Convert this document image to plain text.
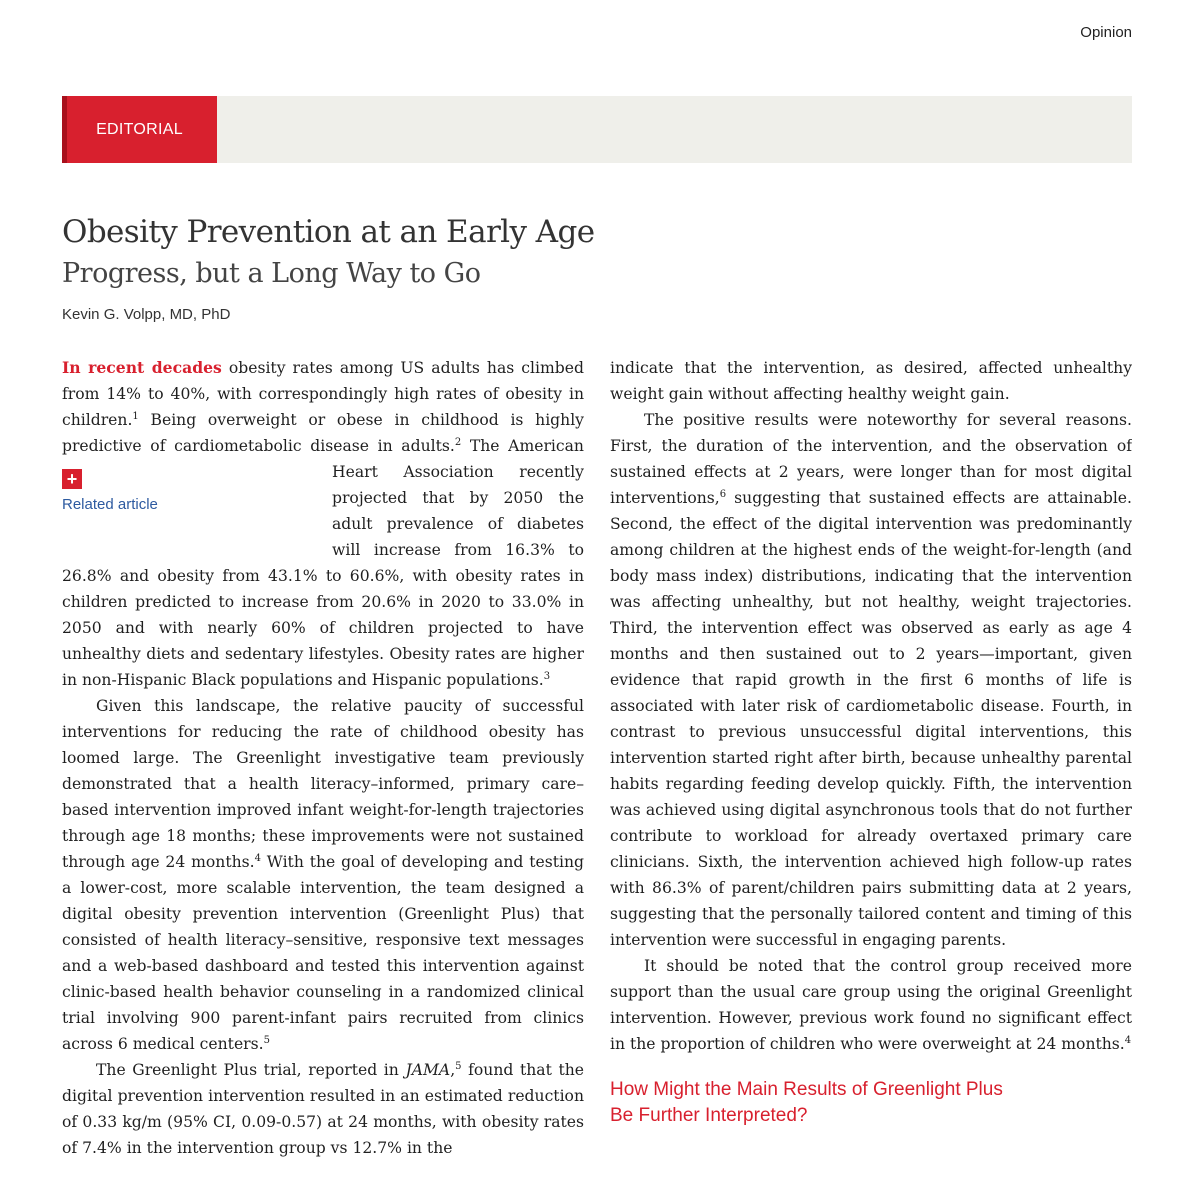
Opinion
EDITORIAL
Obesity Prevention at an Early Age
Progress, but a Long Way to Go
Kevin G. Volpp, MD, PhD

In recent decades obesity rates among US adults has climbed from 14% to 40%, with correspondingly high rates of obesity in children.$^1$ Being overweight or obese in childhood is highly predictive of cardiometabolic disease in adults.$^2$
+
Related article
The American Heart Association recently projected that by 2050 the adult prevalence of diabetes will increase from 16.3% to 26.8% and obesity from 43.1% to 60.6%, with obesity rates in children predicted to increase from 20.6% in 2020 to 33.0% in 2050 and with nearly 60% of children projected to have unhealthy diets and sedentary lifestyles. Obesity rates are higher in non-Hispanic Black populations and Hispanic populations.$^3$

Given this landscape, the relative paucity of successful interventions for reducing the rate of childhood obesity has loomed large. The Greenlight investigative team previously demonstrated that a health literacy–informed, primary care–based intervention improved infant weight-for-length trajectories through age 18 months; these improvements were not sustained through age 24 months.$^4$ With the goal of developing and testing a lower-cost, more scalable intervention, the team designed a digital obesity prevention intervention (Greenlight Plus) that consisted of health literacy–sensitive, responsive text messages and a web-based dashboard and tested this intervention against clinic-based health behavior counseling in a randomized clinical trial involving 900 parent-infant pairs recruited from clinics across 6 medical centers.$^5$

The Greenlight Plus trial, reported in JAMA,$^5$ found that the digital prevention intervention resulted in an estimated reduction of 0.33 kg/m (95% CI, 0.09-0.57) at 24 months, with obesity rates of 7.4% in the intervention group vs 12.7% in the

indicate that the intervention, as desired, affected unhealthy weight gain without affecting healthy weight gain.

The positive results were noteworthy for several reasons. First, the duration of the intervention, and the observation of sustained effects at 2 years, were longer than for most digital interventions,$^6$ suggesting that sustained effects are attainable. Second, the effect of the digital intervention was predominantly among children at the highest ends of the weight-for-length (and body mass index) distributions, indicating that the intervention was affecting unhealthy, but not healthy, weight trajectories. Third, the intervention effect was observed as early as age 4 months and then sustained out to 2 years—important, given evidence that rapid growth in the first 6 months of life is associated with later risk of cardiometabolic disease. Fourth, in contrast to previous unsuccessful digital interventions, this intervention started right after birth, because unhealthy parental habits regarding feeding develop quickly. Fifth, the intervention was achieved using digital asynchronous tools that do not further contribute to workload for already overtaxed primary care clinicians. Sixth, the intervention achieved high follow-up rates with 86.3% of parent/children pairs submitting data at 2 years, suggesting that the personally tailored content and timing of this intervention were successful in engaging parents.

It should be noted that the control group received more support than the usual care group using the original Greenlight intervention. However, previous work found no significant effect in the proportion of children who were overweight at 24 months.$^4$

How Might the Main Results of Greenlight Plus Be Further Interpreted?
